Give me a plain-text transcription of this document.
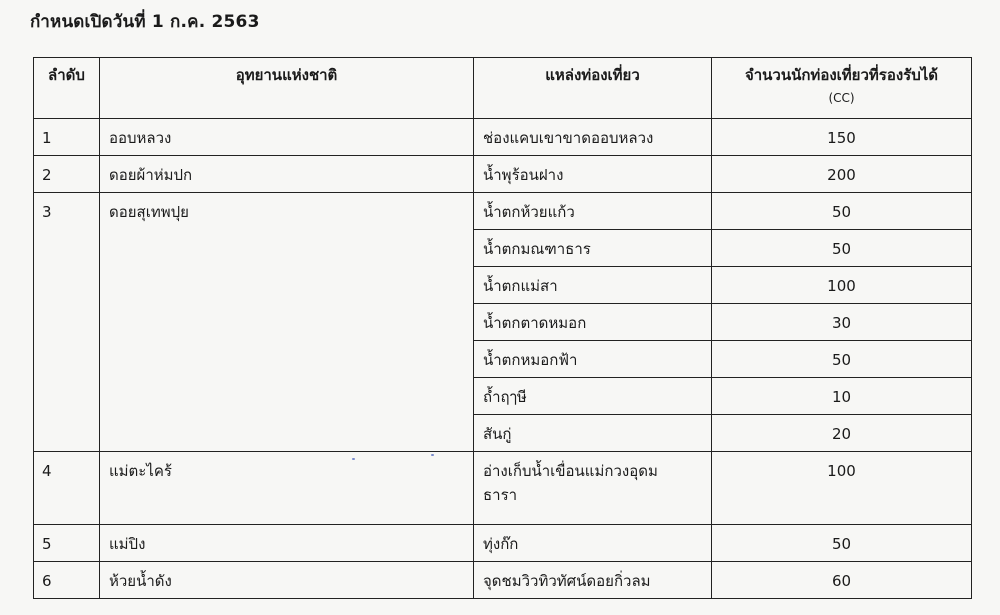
กำหนดเปิดวันที่ 1 ก.ค. 2563
ลำดับ	อุทยานแห่งชาติ	แหล่งท่องเที่ยว	จำนวนนักท่องเที่ยวที่รองรับได้
(CC)

1	ออบหลวง	ช่องแคบเขาขาดออบหลวง	150

2	ดอยผ้าห่มปก	น้ำพุร้อนฝาง	200

3	ดอยสุเทพปุย	น้ำตกห้วยแก้ว	50

		น้ำตกมณฑาธาร	50

		น้ำตกแม่สา	100

		น้ำตกตาดหมอก	30

		น้ำตกหมอกฟ้า	50

		ถ้ำฤๅษี	10

		สันกู่	20

4	แม่ตะไคร้	อ่างเก็บน้ำเขื่อนแม่กวงอุดมธารา	100

5	แม่ปิง	ทุ่งก๊ก	50

6	ห้วยน้ำดัง	จุดชมวิวทิวทัศน์ดอยกิ่วลม	60
